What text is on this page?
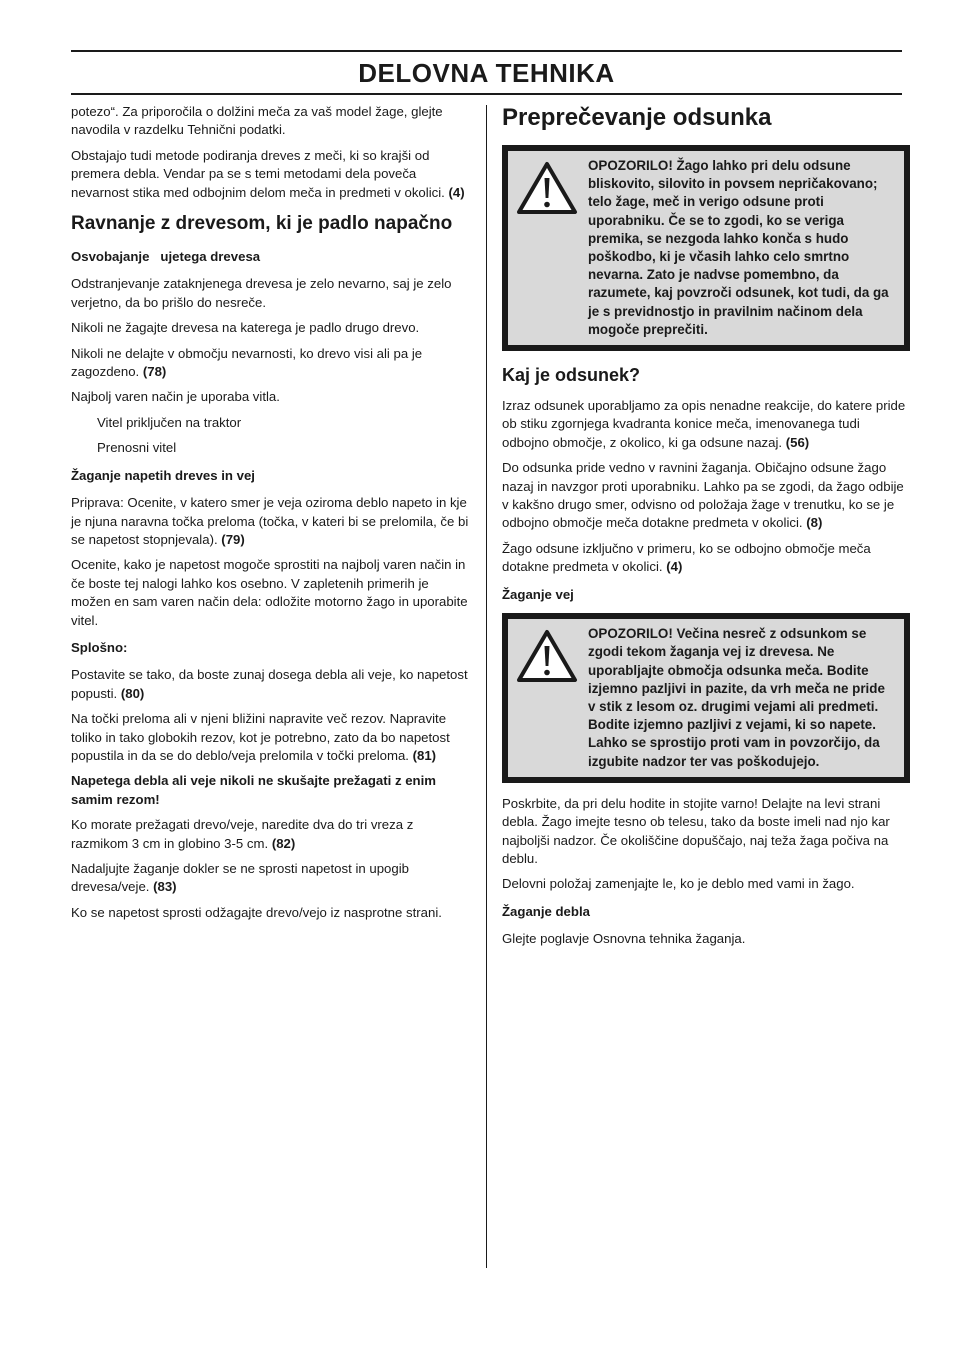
DELOVNA TEHNIKA

potezo“. Za priporočila o dolžini meča za vaš model žage, glejte navodila v razdelku Tehnični podatki.

Obstajajo tudi metode podiranja dreves z meči, ki so krajši od premera debla. Vendar pa se s temi metodami dela poveča nevarnost stika med odbojnim delom meča in predmeti v okolici. (4)

Ravnanje z drevesom, ki je padlo napačno
Osvobajanje   ujetega drevesa

Odstranjevanje zataknjenega drevesa je zelo nevarno, saj je zelo verjetno, da bo prišlo do nesreče.

Nikoli ne žagajte drevesa na katerega je padlo drugo drevo.

Nikoli ne delajte v območju nevarnosti, ko drevo visi ali pa je zagozdeno. (78)

Najbolj varen način je uporaba vitla.

Vitel priključen na traktor

Prenosni vitel

Žaganje napetih dreves in vej

Priprava: Ocenite, v katero smer je veja oziroma deblo napeto in kje je njuna naravna točka preloma (točka, v kateri bi se prelomila, če bi se napetost stopnjevala). (79)

Ocenite, kako je napetost mogoče sprostiti na najbolj varen način in če boste tej nalogi lahko kos osebno. V zapletenih primerih je možen en sam varen način dela: odložite motorno žago in uporabite vitel.

Splošno:

Postavite se tako, da boste zunaj dosega debla ali veje, ko napetost popusti. (80)

Na točki preloma ali v njeni bližini napravite več rezov. Napravite toliko in tako globokih rezov, kot je potrebno, zato da bo napetost popustila in da se do deblo/veja prelomila v točki preloma. (81)

Napetega debla ali veje nikoli ne skušajte prežagati z enim samim rezom!

Ko morate prežagati drevo/veje, naredite dva do tri vreza z razmikom 3 cm in globino 3-5 cm. (82)

Nadaljujte žaganje dokler se ne sprosti napetost in upogib drevesa/veje. (83)

Ko se napetost sprosti odžagajte drevo/vejo iz nasprotne strani.

Preprečevanje odsunka
OPOZORILO! Žago lahko pri delu odsune bliskovito, silovito in povsem nepričakovano; telo žage, meč in verigo odsune proti uporabniku. Če se to zgodi, ko se veriga premika, se nezgoda lahko konča s hudo poškodbo, ki je včasih lahko celo smrtno nevarna. Zato je nadvse pomembno, da razumete, kaj povzroči odsunek, kot tudi, da ga je s previdnostjo in pravilnim načinom dela mogoče preprečiti.
Kaj je odsunek?

Izraz odsunek uporabljamo za opis nenadne reakcije, do katere pride ob stiku zgornjega kvadranta konice meča, imenovanega tudi odbojno območje, z okolico, ki ga odsune nazaj. (56)

Do odsunka pride vedno v ravnini žaganja. Običajno odsune žago nazaj in navzgor proti uporabniku. Lahko pa se zgodi, da žago odbije v kakšno drugo smer, odvisno od položaja žage v trenutku, ko se je odbojno območje meča dotakne predmeta v okolici. (8)

Žago odsune izključno v primeru, ko se odbojno območje meča dotakne predmeta v okolici. (4)

Žaganje vej
OPOZORILO! Večina nesreč z odsunkom se zgodi tekom žaganja vej iz drevesa. Ne uporabljajte območja odsunka meča. Bodite izjemno pazljivi in pazite, da vrh meča ne pride v stik z lesom oz. drugimi vejami ali predmeti. Bodite izjemno pazljivi z vejami, ki so napete. Lahko se sprostijo proti vam in povzorčijo, da izgubite nadzor ter vas poškodujejo.

Poskrbite, da pri delu hodite in stojite varno! Delajte na levi strani debla. Žago imejte tesno ob telesu, tako da boste imeli nad njo kar najboljši nadzor. Če okoliščine dopuščajo, naj teža žaga počiva na deblu.

Delovni položaj zamenjajte le, ko je deblo med vami in žago.

Žaganje debla

Glejte poglavje Osnovna tehnika žaganja.
